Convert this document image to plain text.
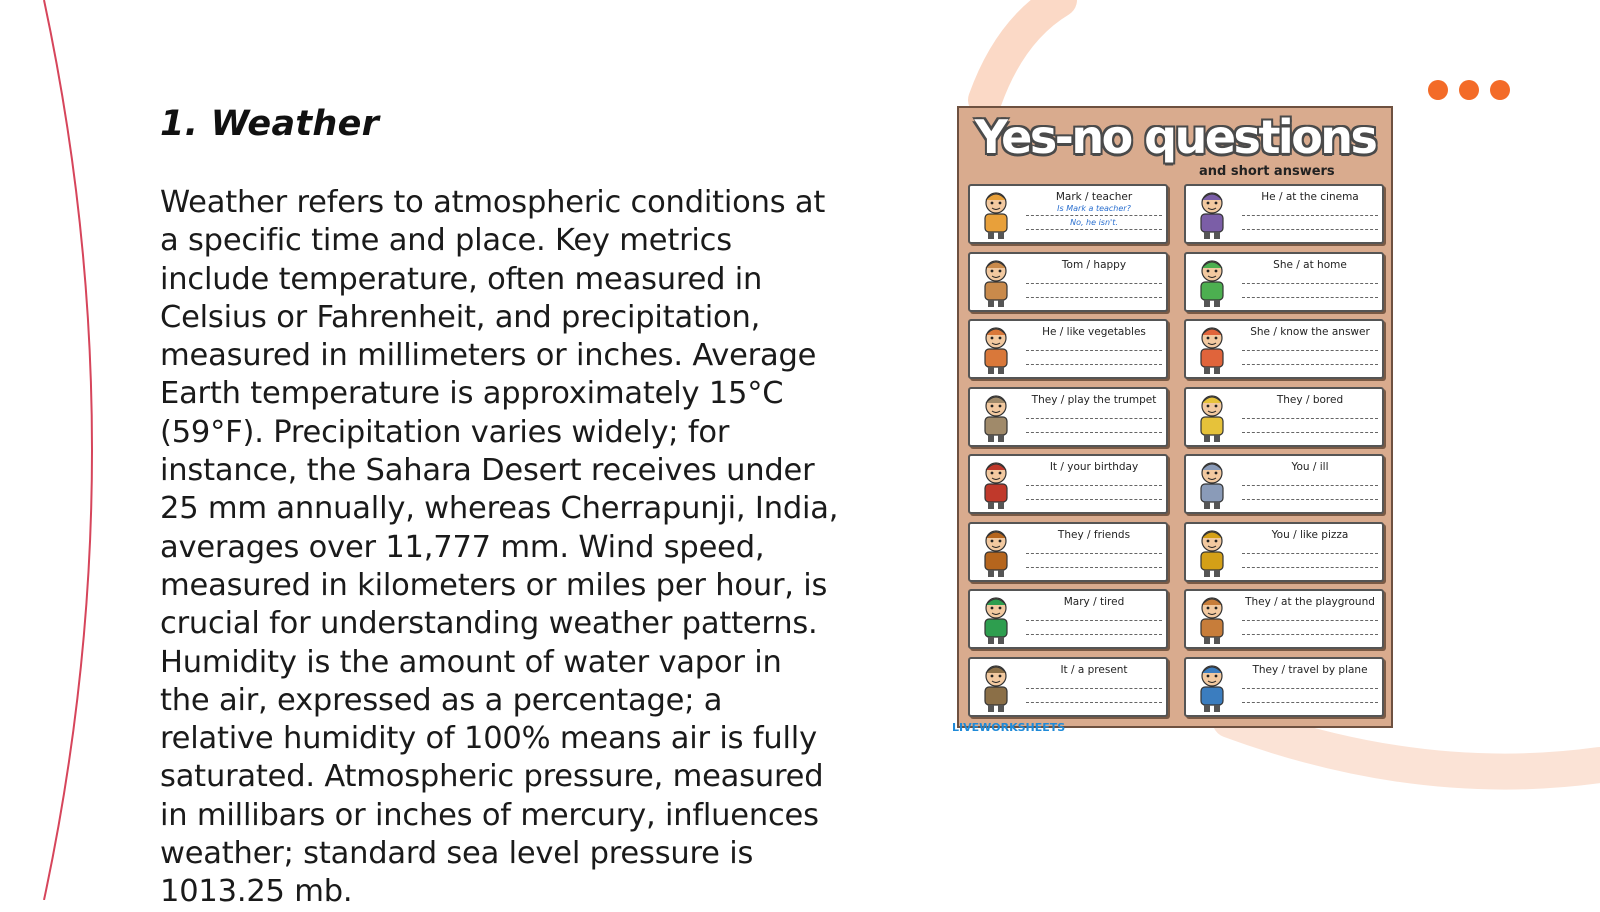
1. Weather

Weather refers to atmospheric conditions at a specific time and place. Key metrics include temperature, often measured in Celsius or Fahrenheit, and precipitation, measured in millimeters or inches. Average Earth temperature is approximately 15°C (59°F). Precipitation varies widely; for instance, the Sahara Desert receives under 25 mm annually, whereas Cherrapunji, India, averages over 11,777 mm. Wind speed, measured in kilometers or miles per hour, is crucial for understanding weather patterns. Humidity is the amount of water vapor in the air, expressed as a percentage; a relative humidity of 100% means air is fully saturated. Atmospheric pressure, measured in millibars or inches of mercury, influences weather; standard sea level pressure is 1013.25 mb.

Yes-no questions
and short answers
Mark / teacher
Is Mark a teacher?
No, he isn't.
He / at the cinema
Tom / happy	She / at home
He / like vegetables	She / know the answer
They / play the trumpet	They / bored
It / your birthday	You / ill
They / friends	You / like pizza
Mary / tired	They / at the playground
It / a present	They / travel by plane
LIVEWORKSHEETS
